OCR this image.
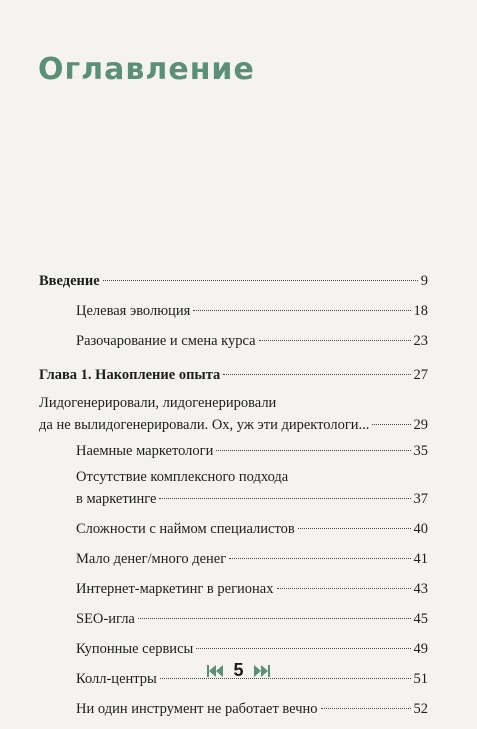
Оглавление
Введение	9
Целевая эволюция	18
Разочарование и смена курса	23
Глава 1. Накопление опыта	27
Лидогенерировали, лидогенерировали
да не вылидогенерировали. Ох, уж эти директологи...	29
Наемные маркетологи	35
Отсутствие комплексного подхода
в маркетинге	37
Сложности с наймом специалистов	40
Мало денег/много денег	41
Интернет-маркетинг в регионах	43
SEO-игла	45
Купонные сервисы	49
Колл-центры	51
Ни один инструмент не работает вечно	52
5
